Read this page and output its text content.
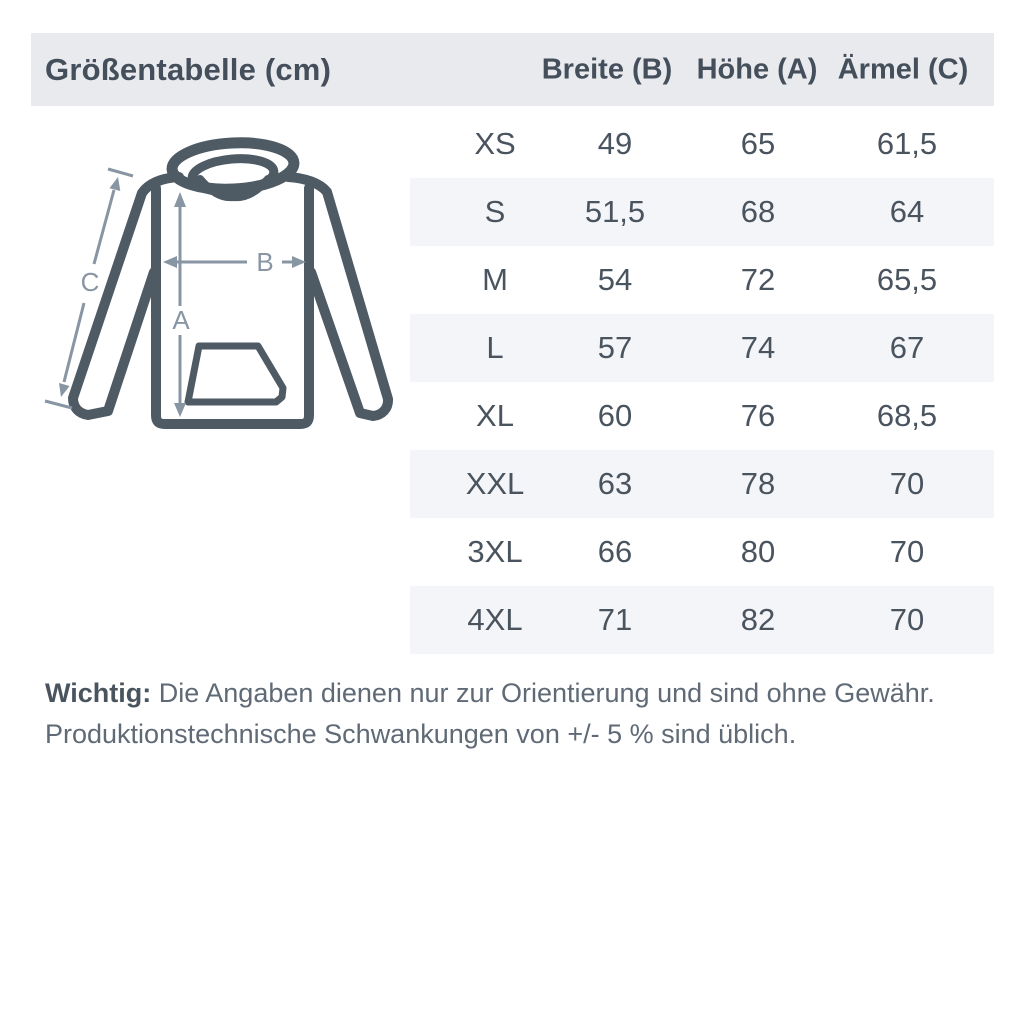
Größentabelle (cm)	Breite (B) Höhe (A) Ärmel (C)
A
B
C
XS	49	65	61,5
S	51,5	68	64
M	54	72	65,5
L	57	74	67
XL	60	76	68,5
XXL 63	78	70
3XL 66	80	70
4XL 71	82	70
Wichtig: Die Angaben dienen nur zur Orientierung und sind ohne Gewähr.
Produktionstechnische Schwankungen von +/- 5 % sind üblich.
